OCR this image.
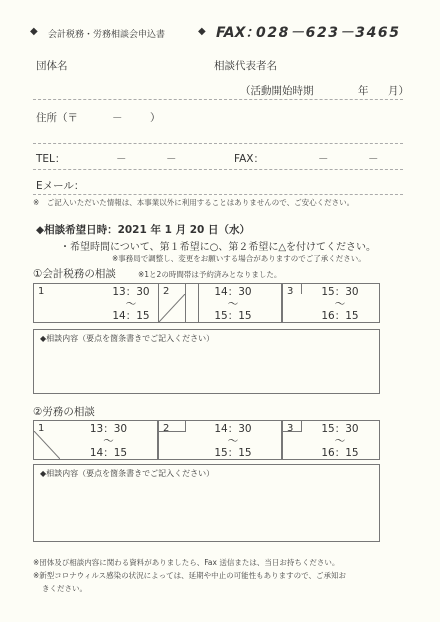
◆ 会計税務・労務相談会申込書	◆ FAX：
028－623－3465
団体名	相談代表者名
（活動開始時期	年 月）
住所（〒	－	）
TEL：	－	－	FAX：	－	－
Eメール：
※　ご記入いただいた情報は、本事業以外に利用することはありませんので、ご安心ください。
◆相談希望日時：2021 年 1 月 20 日（水）
・希望時間について、第１希望に○、第２希望に△を付けてください。
※事務局で調整し、変更をお願いする場合がありますのでご了承ください。
①会計税務の相談	※1と2の時間帯は予約済みとなりました。
1	13：30
～
14：15
2	14：30
～
15：15
3	15：30
～
16：15
◆相談内容（要点を箇条書きでご記入ください）
②労務の相談
1	13：30
～
14：15
2	14：30
～
15：15
3	15：30
～
16：15
◆相談内容（要点を箇条書きでご記入ください）
※団体及び相談内容に関わる資料がありましたら、Fax 送信または、当日お持ちください。
※新型コロナウィルス感染の状況によっては、延期や中止の可能性もありますので、ご承知お
きください。
